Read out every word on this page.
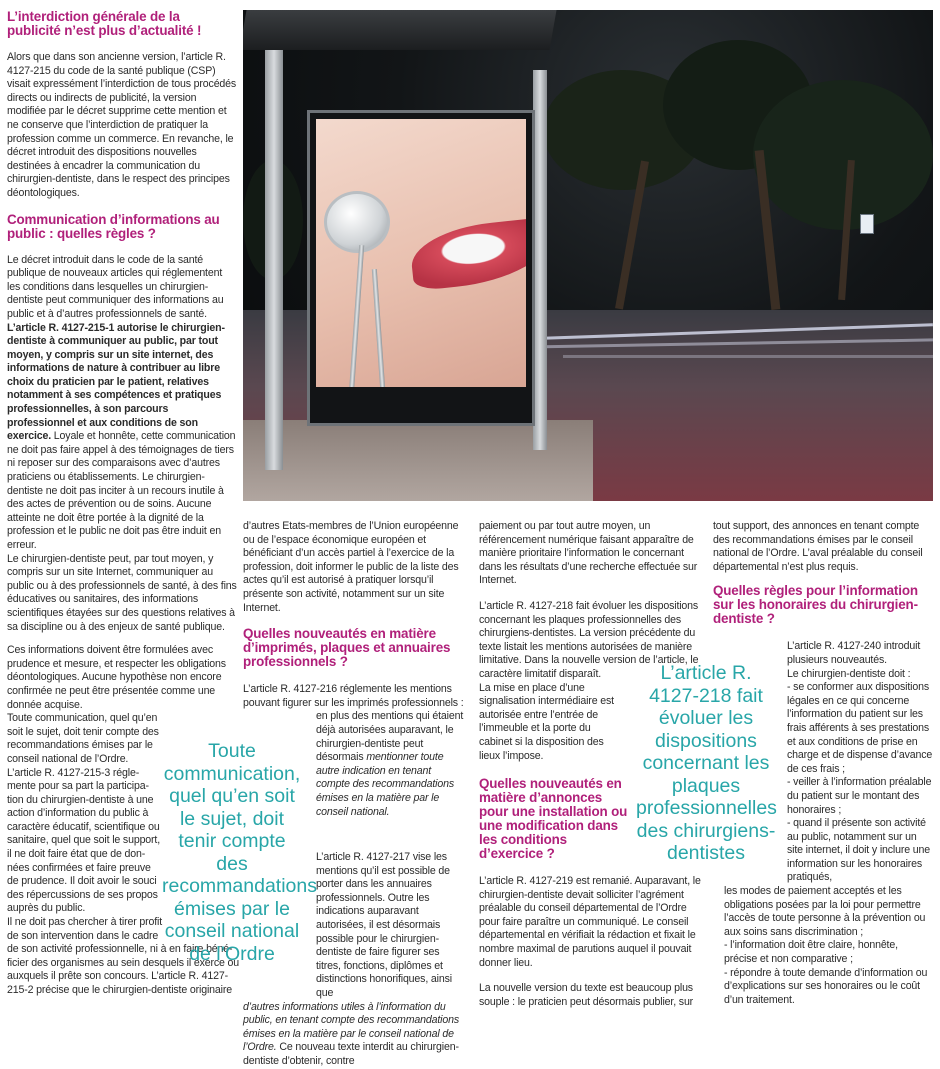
L’interdiction générale de la publicité n’est plus d’actualité !

Alors que dans son ancienne version, l’article R. 4127-215 du code de la santé publique (CSP) visait expressément l’interdiction de tous procédés directs ou indirects de publicité, la version modifiée par le décret supprime cette mention et ne conserve que l’interdiction de pratiquer la profession comme un commerce. En revanche, le décret introduit des dispositions nouvelles destinées à encadrer la communication du chirurgien-dentiste, dans le respect des principes déontologiques.

Communication d’informations au public : quelles règles ?

Le décret introduit dans le code de la santé publique de nouveaux articles qui réglementent les conditions dans lesquelles un chirurgien-dentiste peut communiquer des informations au public et à d’autres professionnels de santé.

L’article R. 4127-215-1 autorise le chirurgien-dentiste à communiquer au public, par tout moyen, y compris sur un site internet, des informations de nature à contribuer au libre choix du praticien par le patient, relatives notamment à ses compétences et pratiques professionnelles, à son parcours professionnel et aux conditions de son exercice. Loyale et honnête, cette communication ne doit pas faire appel à des témoignages de tiers ni reposer sur des comparaisons avec d’autres praticiens ou établissements. Le chirurgien-dentiste ne doit pas inciter à un recours inutile à des actes de prévention ou de soins. Aucune atteinte ne doit être portée à la dignité de la profession et le public ne doit pas être induit en erreur.

Le chirurgien-dentiste peut, par tout moyen, y compris sur un site Internet, communiquer au public ou à des professionnels de santé, à des fins éducatives ou sanitaires, des informations scientifiques étayées sur des questions relatives à sa discipline ou à des enjeux de santé publique.

Ces informations doivent être formulées avec prudence et mesure, et respecter les obligations déontologiques. Aucune hypothèse non encore confirmée ne peut être présentée comme une donnée acquise.

Toute communication, quel qu’en
soit le sujet, doit tenir compte des
recommandations émises par le
conseil national de l’Ordre.
L’article R. 4127-215-3 régle-
mente pour sa part la participa-
tion du chirurgien-dentiste à une
action d’information du public à
caractère éducatif, scientifique ou
sanitaire, quel que soit le support,
il ne doit faire état que de don-
nées confirmées et faire preuve
de prudence. Il doit avoir le souci
des répercussions de ses propos
auprès du public.
Il ne doit pas chercher à tirer profit
de son intervention dans le cadre
de son activité professionnelle, ni à en faire béné-
ficier des organismes au sein desquels il exerce ou
auxquels il prête son concours. L’article R. 4127-
215-2 précise que le chirurgien-dentiste originaire
Toute communication, quel qu’en soit le sujet, doit tenir compte des recommandations émises par le conseil national de l’Ordre

d’autres Etats-membres de l’Union européenne ou de l’espace économique européen et bénéficiant d’un accès partiel à l’exercice de la profession, doit informer le public de la liste des actes qu’il est autorisé à pratiquer lorsqu’il présente son activité, notamment sur un site Internet.

Quelles nouveautés en matière d’imprimés, plaques et annuaires professionnels ?

L’article R. 4127-216 réglemente les mentions pouvant figurer sur les imprimés professionnels :

en plus des mentions qui étaient déjà autorisées auparavant, le chirurgien-dentiste peut désormais mentionner toute autre indication en tenant compte des recommandations émises en la matière par le conseil national.

L’article R. 4127-217 vise les mentions qu’il est possible de porter dans les annuaires professionnels. Outre les indications auparavant autorisées, il est désormais possible pour le chirurgien-dentiste de faire figurer ses titres, fonctions, diplômes et distinctions honorifiques, ainsi que

d’autres informations utiles à l’information du public, en tenant compte des recommandations émises en la matière par le conseil national de l’Ordre. Ce nouveau texte interdit au chirurgien-dentiste d’obtenir, contre

paiement ou par tout autre moyen, un référencement numérique faisant apparaître de manière prioritaire l’information le concernant dans les résultats d’une recherche effectuée sur Internet.

L’article R. 4127-218 fait évoluer les dispositions concernant les plaques professionnelles des chirurgiens-dentistes. La version précédente du texte listait les mentions autorisées de manière limitative. Dans la nouvelle version de l’article, le caractère limitatif disparaît.

La mise en place d’une signalisation intermédiaire est autorisée entre l’entrée de l’immeuble et la porte du cabinet si la disposition des lieux l’impose.

Quelles nouveautés en matière d’annonces pour une installation ou une modification dans les conditions d’exercice ?

L’article R. 4127-219 est remanié. Auparavant, le chirurgien-dentiste devait solliciter l’agrément préalable du conseil départemental de l’Ordre pour faire paraître un communiqué. Le conseil départemental en vérifiait la rédaction et fixait le nombre maximal de parutions auquel il pouvait donner lieu.

La nouvelle version du texte est beaucoup plus souple : le praticien peut désormais publier, sur

L’article R. 4127-218 fait évoluer les dispositions concernant les plaques professionnelles des chirurgiens-dentistes

tout support, des annonces en tenant compte des recommandations émises par le conseil national de l’Ordre. L’aval préalable du conseil départemental n’est plus requis.

Quelles règles pour l’information sur les honoraires du chirurgien-dentiste ?

L’article R. 4127-240 introduit plusieurs nouveautés.

Le chirurgien-dentiste doit :

- se conformer aux dispositions légales en ce qui concerne l’information du patient sur les frais afférents à ses prestations et aux conditions de prise en charge et de dispense d’avance de ces frais ;

- veiller à l’information préalable du patient sur le montant des honoraires ;

- quand il présente son activité au public, notamment sur un site internet, il doit y inclure une information sur les honoraires pratiqués,

les modes de paiement acceptés et les obligations posées par la loi pour permettre l’accès de toute personne à la prévention ou aux soins sans discrimination ;

- l’information doit être claire, honnête, précise et non comparative ;

- répondre à toute demande d’information ou d’explications sur ses honoraires ou le coût d’un traitement.
